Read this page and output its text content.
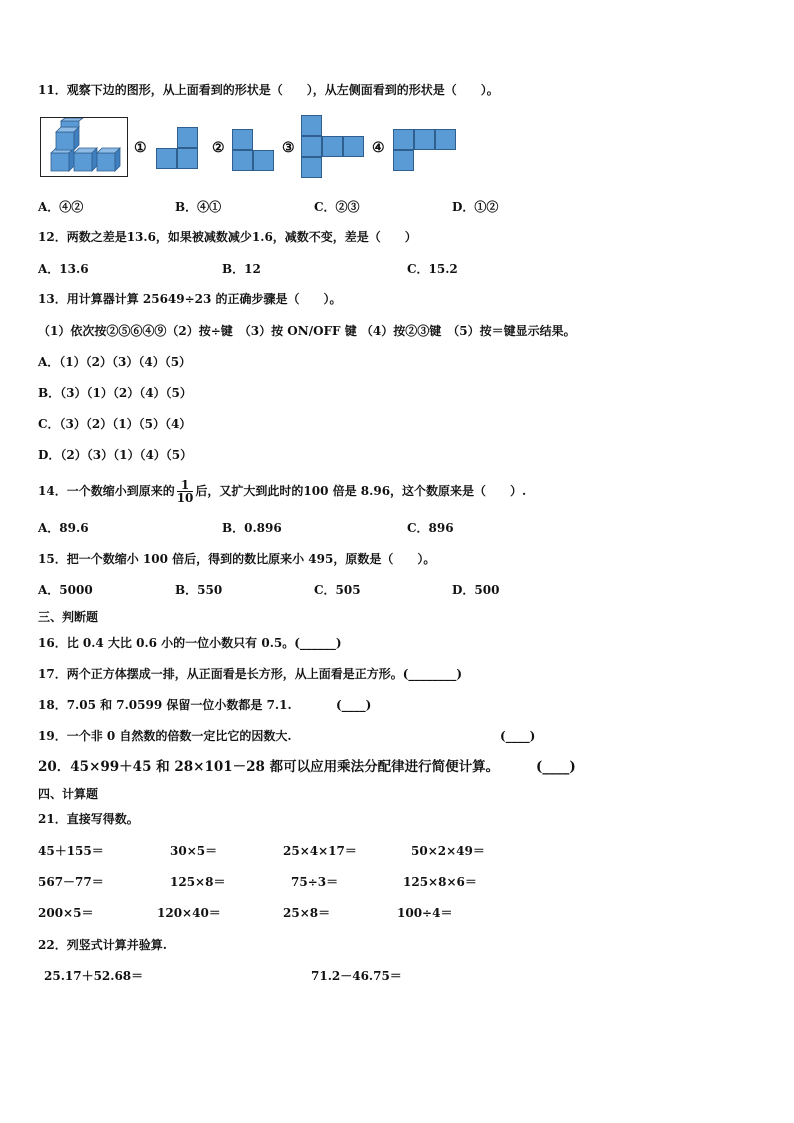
11．观察下边的图形，从上面看到的形状是（　　），从左侧面看到的形状是（　　）。
①	②	③	④
A．④②	B．④①	C．②③	D．①②
12．两数之差是13.6，如果被减数减少1.6，减数不变，差是（　　）
A．13.6	B．12	C．15.2
13．用计算器计算 25649÷23 的正确步骤是（　　）。
（1）依次按②⑤⑥④⑨（2）按÷键　（3）按 ON/OFF 键 （4）按②③键　（5）按＝键显示结果。
A．（1）（2）（3）（4）（5）
B．（3）（1）（2）（4）（5）
C．（3）（2）（1）（5）（4）
D．（2）（3）（1）（4）（5）
14．一个数缩小到原来的 $\frac{1}{10}$ 后，又扩大到此时的100 倍是 8.96，这个数原来是（　　）.
A．89.6	B．0.896	C．896
15．把一个数缩小 100 倍后，得到的数比原来小 495，原数是（　　）。
A．5000	B．550	C．505	D．500
三、判断题
16．比 0.4 大比 0.6 小的一位小数只有 0.5。(______)
17．两个正方体摆成一排，从正面看是长方形，从上面看是正方形。(________)
18．7.05 和 7.0599 保留一位小数都是 7.1.	(____)
19．一个非 0 自然数的倍数一定比它的因数大.	(____)
20．45×99＋45 和 28×101－28 都可以应用乘法分配律进行简便计算。	(____)
四、计算题
21．直接写得数。
45＋155＝	30×5＝	25×4×17＝	50×2×49＝
567－77＝	125×8＝	75÷3＝	125×8×6＝
200×5＝	120×40＝	25×8＝	100÷4＝
22．列竖式计算并验算.
25.17＋52.68＝	71.2－46.75＝
